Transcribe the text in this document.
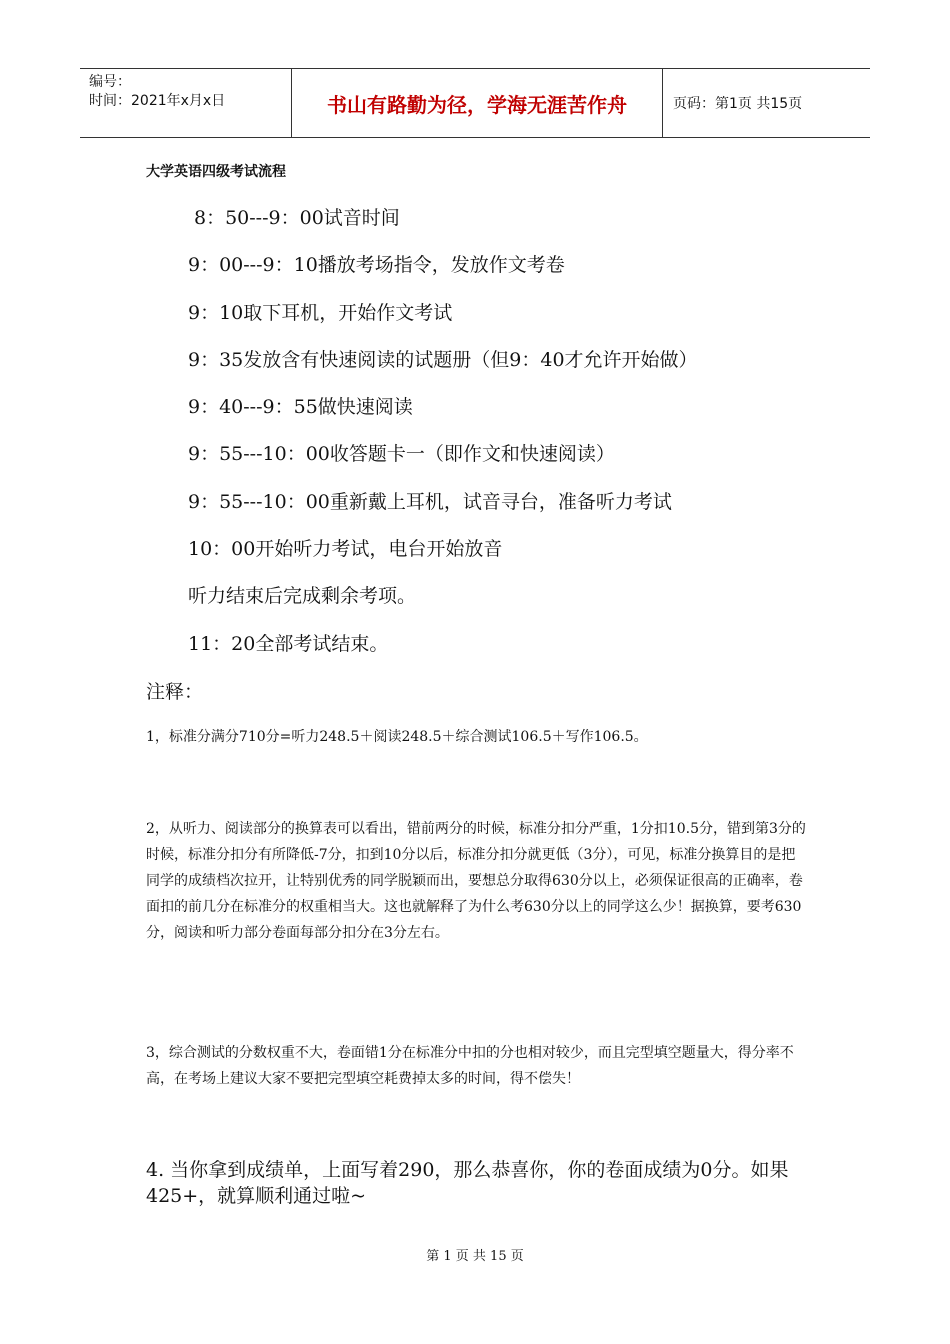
编号：
时间：2021年x月x日	书山有路勤为径，学海无涯苦作舟	页码：第1页 共15页
大学英语四级考试流程
8：50---9：00试音时间
9：00---9：10播放考场指令，发放作文考卷
9：10取下耳机，开始作文考试
9：35发放含有快速阅读的试题册（但9：40才允许开始做）
9：40---9：55做快速阅读
9：55---10：00收答题卡一（即作文和快速阅读）
9：55---10：00重新戴上耳机，试音寻台，准备听力考试
10：00开始听力考试，电台开始放音
听力结束后完成剩余考项。
11：20全部考试结束。
注释：
1，标准分满分710分=听力248.5＋阅读248.5＋综合测试106.5＋写作106.5。
2，从听力、阅读部分的换算表可以看出，错前两分的时候，标准分扣分严重，1分扣10.5分，错到第3分的时候，标准分扣分有所降低-7分，扣到10分以后，标准分扣分就更低（3分），可见，标准分换算目的是把同学的成绩档次拉开，让特别优秀的同学脱颖而出，要想总分取得630分以上，必须保证很高的正确率，卷面扣的前几分在标准分的权重相当大。这也就解释了为什么考630分以上的同学这么少！据换算，要考630分，阅读和听力部分卷面每部分扣分在3分左右。
3，综合测试的分数权重不大，卷面错1分在标准分中扣的分也相对较少，而且完型填空题量大，得分率不高，在考场上建议大家不要把完型填空耗费掉太多的时间，得不偿失！
4. 当你拿到成绩单，上面写着290，那么恭喜你，你的卷面成绩为0分。如果425+，就算顺利通过啦~
第 1 页 共 15 页
